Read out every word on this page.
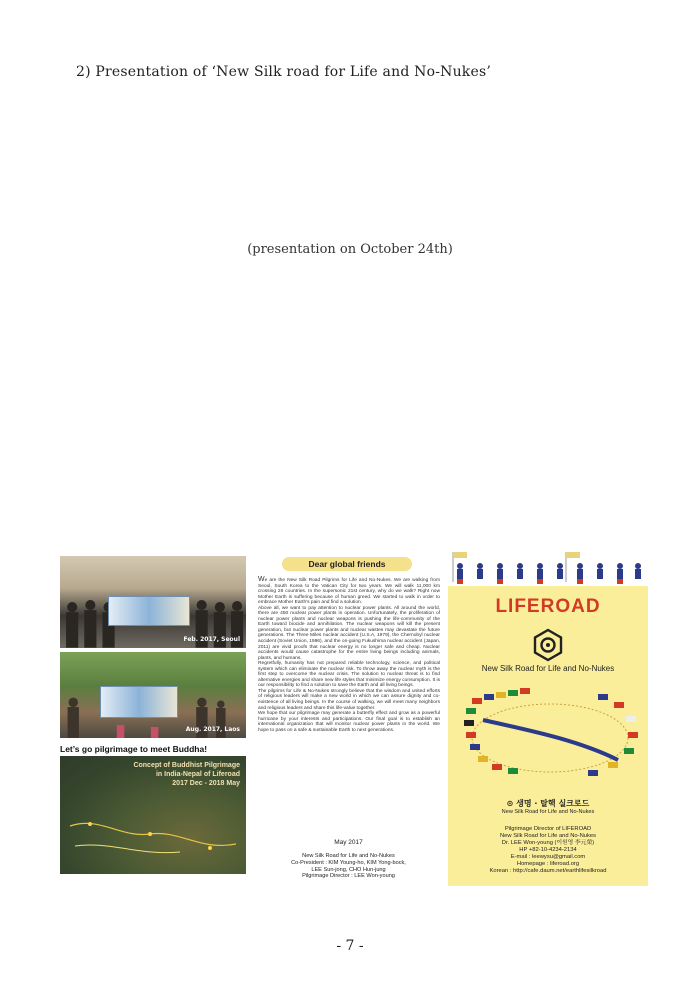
2) Presentation of ‘New Silk road for Life and No-Nukes’
(presentation on October 24th)
Feb. 2017, Seoul
Aug. 2017, Laos
Let’s go pilgrimage to meet Buddha!
Concept of Buddhist Pilgrimage
in India-Nepal of Liferoad
2017 Dec - 2018 May
Dear global friends

We are the New Silk Road Pilgrims for Life and No-Nukes. We are walking from Seoul, South Korea to the Vatican City for two years. We will walk 11,000 km crossing 26 countries. In the supersonic 21st century, why do we walk? Right now Mother Earth is suffering because of human greed. We started to walk in order to embrace Mother Earth's pain and find a solution.

Above all, we want to pay attention to nuclear power plants. All around the world, there are 450 nuclear power plants in operation. Unfortunately, the proliferation of nuclear power plants and nuclear weapons is pushing the life-community of the Earth toward biocide and annihilation. The nuclear weapons will kill the present generation, but nuclear power plants and nuclear wastes may devastate the future generations. The Three Miles nuclear accident (U.S.A, 1979), the Chernobyl nuclear accident (Soviet Union, 1986), and the on-going Fukushima nuclear accident (Japan, 2011) are vivid proofs that nuclear energy is no longer safe and cheap. Nuclear accidents would cause catastrophe for the entire living beings including animals, plants, and humans.

Regretfully, humanity has not prepared reliable technology, science, and political system which can eliminate the nuclear risk. To throw away the nuclear myth is the first step to overcome the nuclear crisis. The solution to nuclear threat is to find alternative energies and share new life styles that minimize energy consumption. It is our responsibility to find a solution to save the Earth and all living beings.

The pilgrims for Life & No-Nukes strongly believe that the wisdom and united efforts of religious leaders will make a new world in which we can assure dignity and co-existence of all living beings. In the course of walking, we will meet many neighbors and religious leaders and share this life-value together.

We hope that our pilgrimage may generate a butterfly effect and grow as a powerful hurricane by your interests and participations. Our final goal is to establish an international organization that will monitor nuclear power plants in the world. We hope to pass on a safe & sustainable Earth to next generations.

May 2017
New Silk Road for Life and No-Nukes
Co-President : KIM Young-ho, KIM Yong-bock,
LEE Sun-jong, CHO Hun-jung
Pilgrimage Director : LEE Won-young
LIFEROAD
New Silk Road for Life and No-Nukes
⊙ 생명 · 탈핵 실크로드
New Silk Road for Life and No-Nukes
Pilgrimage Director of LIFEROAD
New Silk Road for Life and No-Nukes
Dr. LEE Won-young (이원영 李元榮)
HP +82-10-4234-2134
E-mail : leewysu@gmail.com
Homepage : liferoad.org
Korean : http://cafe.daum.net/earthlifesilkroad
- 7 -
